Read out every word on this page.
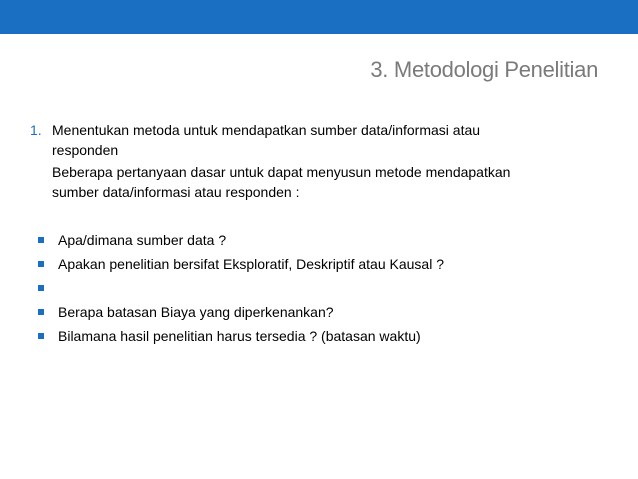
3. Metodologi Penelitian
1. Menentukan metoda untuk mendapatkan sumber data/informasi atau
responden
Beberapa pertanyaan dasar untuk dapat menyusun metode mendapatkan
sumber data/informasi atau responden :
Apa/dimana sumber data ?
Apakan penelitian bersifat Eksploratif, Deskriptif atau Kausal ?
Berapa batasan Biaya yang diperkenankan?
Bilamana hasil penelitian harus tersedia ? (batasan waktu)
